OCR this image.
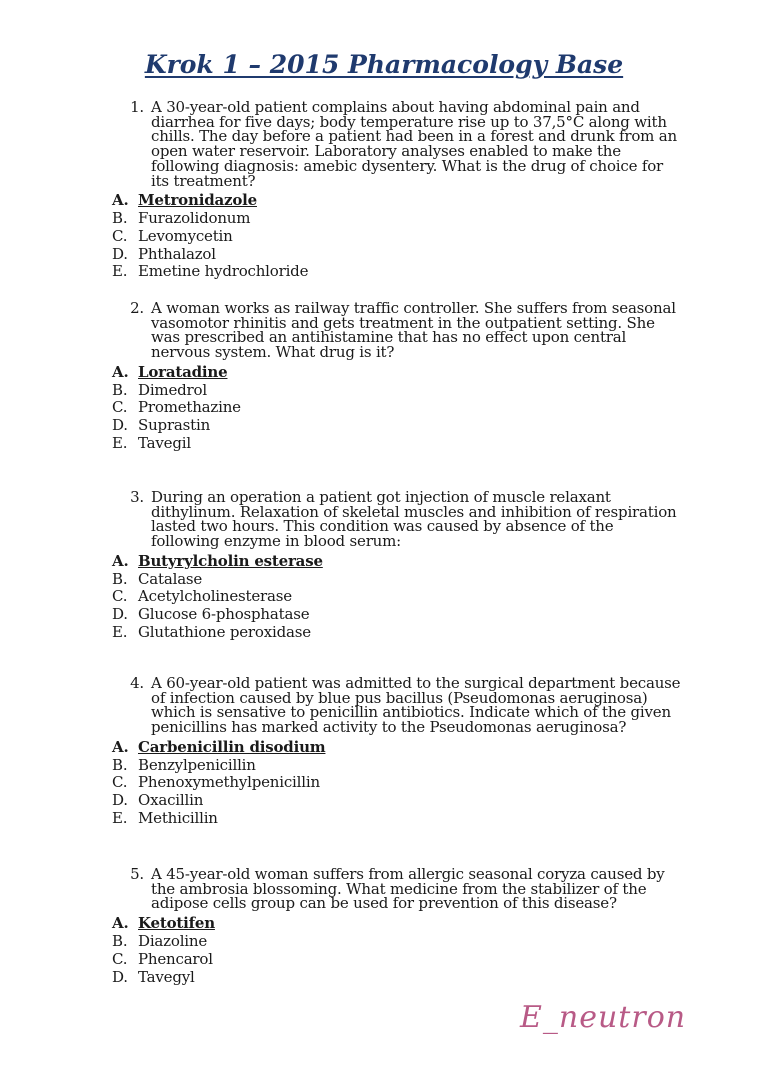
Krok 1 – 2015 Pharmacology Base
1. A 30-year-old patient complains about having abdominal pain and diarrhea for five days; body temperature rise up to 37,5°C along with chills. The day before a patient had been in a forest and drunk from an open water reservoir. Laboratory analyses enabled to make the following diagnosis: amebic dysentery. What is the drug of choice for its treatment?
A. Metronidazole
B. Furazolidonum
C. Levomycetin
D. Phthalazol
E. Emetine hydrochloride
2. A woman works as railway traffic controller. She suffers from seasonal vasomotor rhinitis and gets treatment in the outpatient setting. She was prescribed an antihistamine that has no effect upon central nervous system. What drug is it?
A. Loratadine
B. Dimedrol
C. Promethazine
D. Suprastin
E. Tavegil
3. During an operation a patient got injection of muscle relaxant dithylinum. Relaxation of skeletal muscles and inhibition of respiration lasted two hours. This condition was caused by absence of the following enzyme in blood serum:
A. Butyrylcholin esterase
B. Catalase
C. Acetylcholinesterase
D. Glucose 6-phosphatase
E. Glutathione peroxidase
4. A 60-year-old patient was admitted to the surgical department because of infection caused by blue pus bacillus (Pseudomonas aeruginosa) which is sensative to penicillin antibiotics. Indicate which of the given penicillins has marked activity to the Pseudomonas aeruginosa?
A. Carbenicillin disodium
B. Benzylpenicillin
C. Phenoxymethylpenicillin
D. Oxacillin
E. Methicillin
5. A 45-year-old woman suffers from allergic seasonal coryza caused by the ambrosia blossoming. What medicine from the stabilizer of the adipose cells group can be used for prevention of this disease?
A. Ketotifen
B. Diazoline
C. Phencarol
D. Tavegyl
E_neutron
